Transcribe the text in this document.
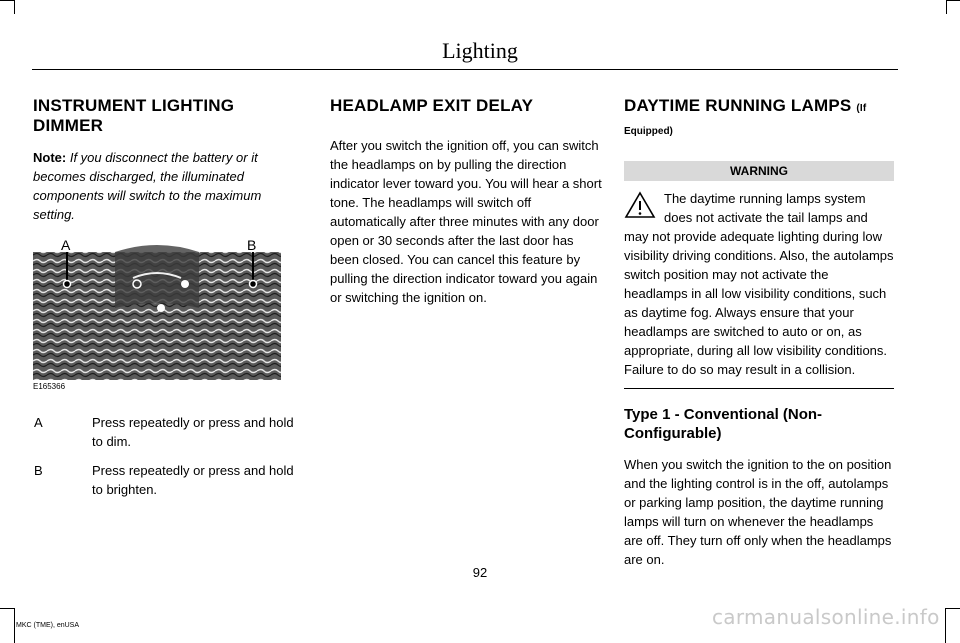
Lighting
INSTRUMENT LIGHTING DIMMER

Note: If you disconnect the battery or it becomes discharged, the illuminated components will switch to the maximum setting.

A	B
E165366
A	Press repeatedly or press and hold to dim.
B	Press repeatedly or press and hold to brighten.
HEADLAMP EXIT DELAY

After you switch the ignition off, you can switch the headlamps on by pulling the direction indicator lever toward you. You will hear a short tone. The headlamps will switch off automatically after three minutes with any door open or 30 seconds after the last door has been closed. You can cancel this feature by pulling the direction indicator toward you again or switching the ignition on.

DAYTIME RUNNING LAMPS (If
Equipped)
WARNING
The daytime running lamps system does not activate the tail lamps and may not provide adequate lighting during low visibility driving conditions. Also, the autolamps switch position may not activate the headlamps in all low visibility conditions, such as daytime fog. Always ensure that your headlamps are switched to auto or on, as appropriate, during all low visibility conditions. Failure to do so may result in a collision.
Type 1 - Conventional (Non-Configurable)

When you switch the ignition to the on position and the lighting control is in the off, autolamps or parking lamp position, the daytime running lamps will turn on whenever the headlamps are off. They turn off only when the headlamps are on.

92
MKC (TME), enUSA	carmanualsonline.info
